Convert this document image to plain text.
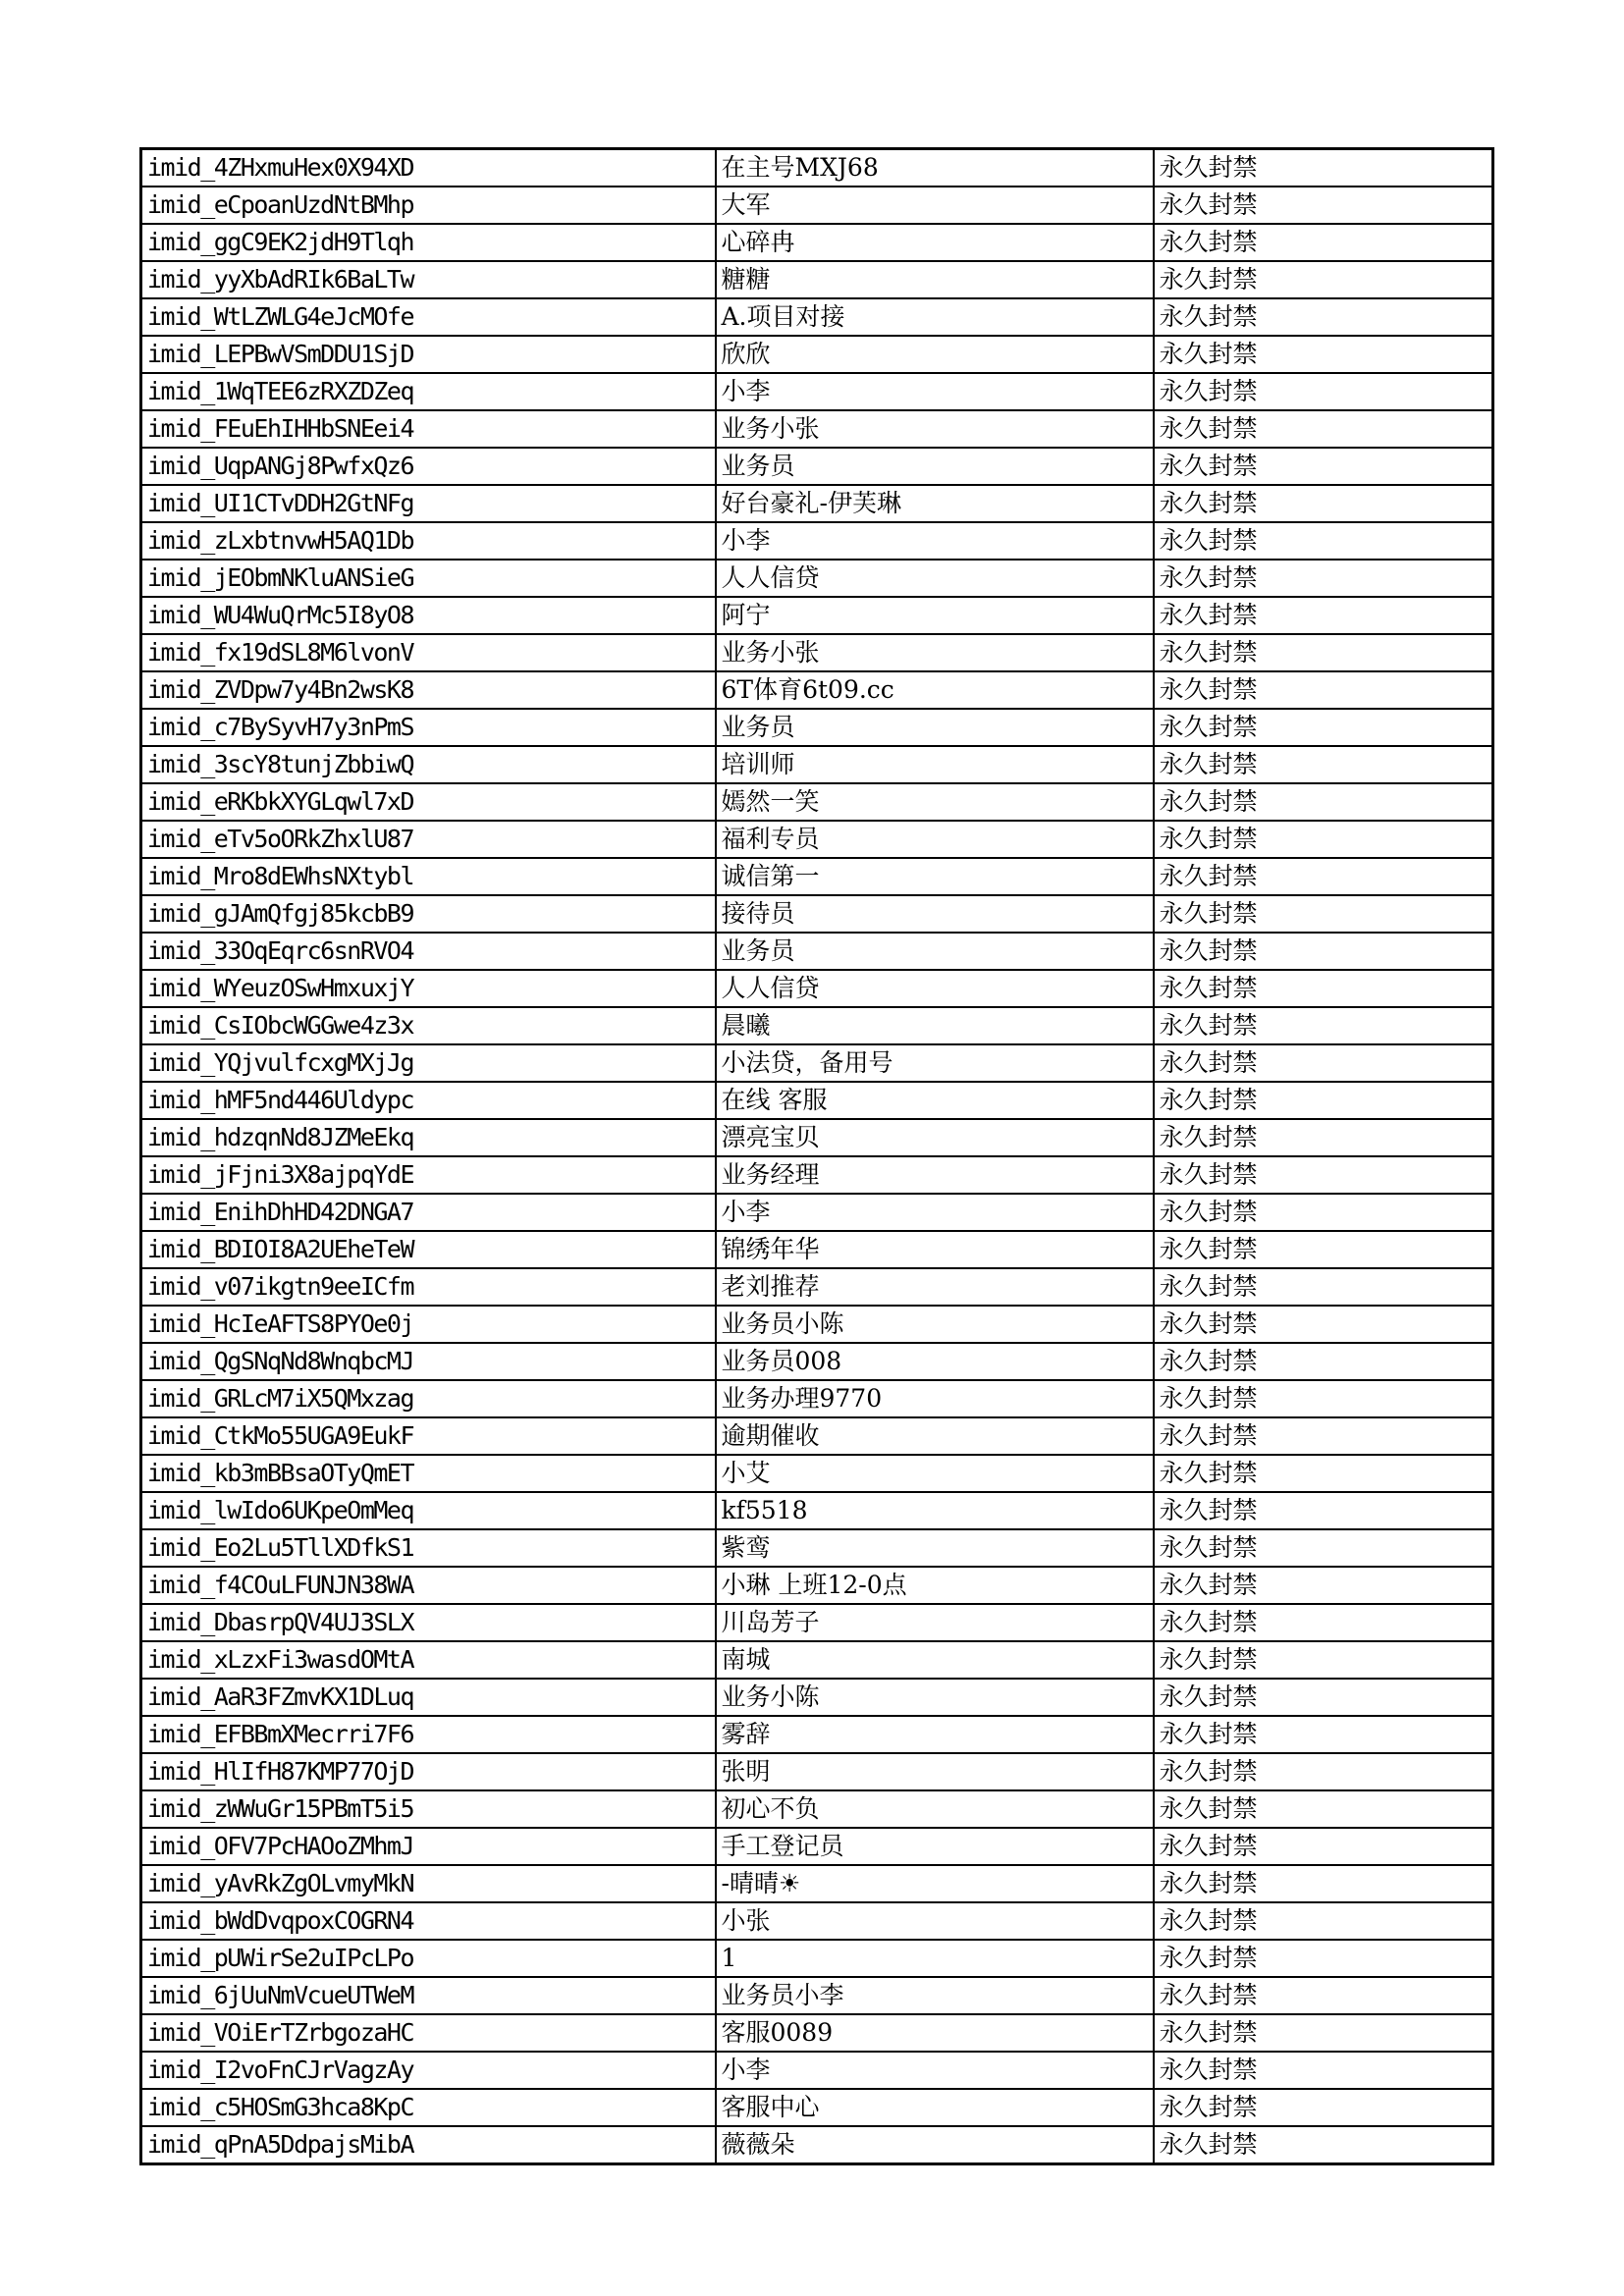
imid_4ZHxmuHex0X94XD	在主号MXJ68	永久封禁
imid_eCpoanUzdNtBMhp	大军	永久封禁
imid_ggC9EK2jdH9Tlqh	心碎冉	永久封禁
imid_yyXbAdRIk6BaLTw	糖糖	永久封禁
imid_WtLZWLG4eJcMOfe	A.项目对接	永久封禁
imid_LEPBwVSmDDU1SjD	欣欣	永久封禁
imid_1WqTEE6zRXZDZeq	小李	永久封禁
imid_FEuEhIHHbSNEei4	业务小张	永久封禁
imid_UqpANGj8PwfxQz6	业务员	永久封禁
imid_UI1CTvDDH2GtNFg	好台豪礼-伊芙琳	永久封禁
imid_zLxbtnvwH5AQ1Db	小李	永久封禁
imid_jEObmNKluANSieG	人人信贷	永久封禁
imid_WU4WuQrMc5I8yO8	阿宁	永久封禁
imid_fx19dSL8M6lvonV	业务小张	永久封禁
imid_ZVDpw7y4Bn2wsK8	6T体育6t09.cc	永久封禁
imid_c7BySyvH7y3nPmS	业务员	永久封禁
imid_3scY8tunjZbbiwQ	培训师	永久封禁
imid_eRKbkXYGLqwl7xD	嫣然一笑	永久封禁
imid_eTv5oORkZhxlU87	福利专员	永久封禁
imid_Mro8dEWhsNXtybl	诚信第一	永久封禁
imid_gJAmQfgj85kcbB9	接待员	永久封禁
imid_33OqEqrc6snRVO4	业务员	永久封禁
imid_WYeuzOSwHmxuxjY	人人信贷	永久封禁
imid_CsIObcWGGwe4z3x	晨曦	永久封禁
imid_YQjvulfcxgMXjJg	小法贷，备用号	永久封禁
imid_hMF5nd446Uldypc	在线 客服	永久封禁
imid_hdzqnNd8JZMeEkq	漂亮宝贝	永久封禁
imid_jFjni3X8ajpqYdE	业务经理	永久封禁
imid_EnihDhHD42DNGA7	小李	永久封禁
imid_BDIOI8A2UEheTeW	锦绣年华	永久封禁
imid_v07ikgtn9eeICfm	老刘推荐	永久封禁
imid_HcIeAFTS8PYOe0j	业务员小陈	永久封禁
imid_QgSNqNd8WnqbcMJ	业务员008	永久封禁
imid_GRLcM7iX5QMxzag	业务办理9770	永久封禁
imid_CtkMo55UGA9EukF	逾期催收	永久封禁
imid_kb3mBBsaOTyQmET	小艾	永久封禁
imid_lwIdo6UKpeOmMeq	kf5518	永久封禁
imid_Eo2Lu5TllXDfkS1	紫鸾	永久封禁
imid_f4COuLFUNJN38WA	小琳 上班12-0点	永久封禁
imid_DbasrpQV4UJ3SLX	川岛芳子	永久封禁
imid_xLzxFi3wasdOMtA	南城	永久封禁
imid_AaR3FZmvKX1DLuq	业务小陈	永久封禁
imid_EFBBmXMecrri7F6	雾辞	永久封禁
imid_HlIfH87KMP77OjD	张明	永久封禁
imid_zWWuGr15PBmT5i5	初心不负	永久封禁
imid_OFV7PcHAOoZMhmJ	手工登记员	永久封禁
imid_yAvRkZgOLvmyMkN	-晴晴☀	永久封禁
imid_bWdDvqpoxCOGRN4	小张	永久封禁
imid_pUWirSe2uIPcLPo	1	永久封禁
imid_6jUuNmVcueUTWeM	业务员小李	永久封禁
imid_VOiErTZrbgozaHC	客服0089	永久封禁
imid_I2voFnCJrVagzAy	小李	永久封禁
imid_c5HOSmG3hca8KpC	客服中心	永久封禁
imid_qPnA5DdpajsMibA	薇薇朵	永久封禁
